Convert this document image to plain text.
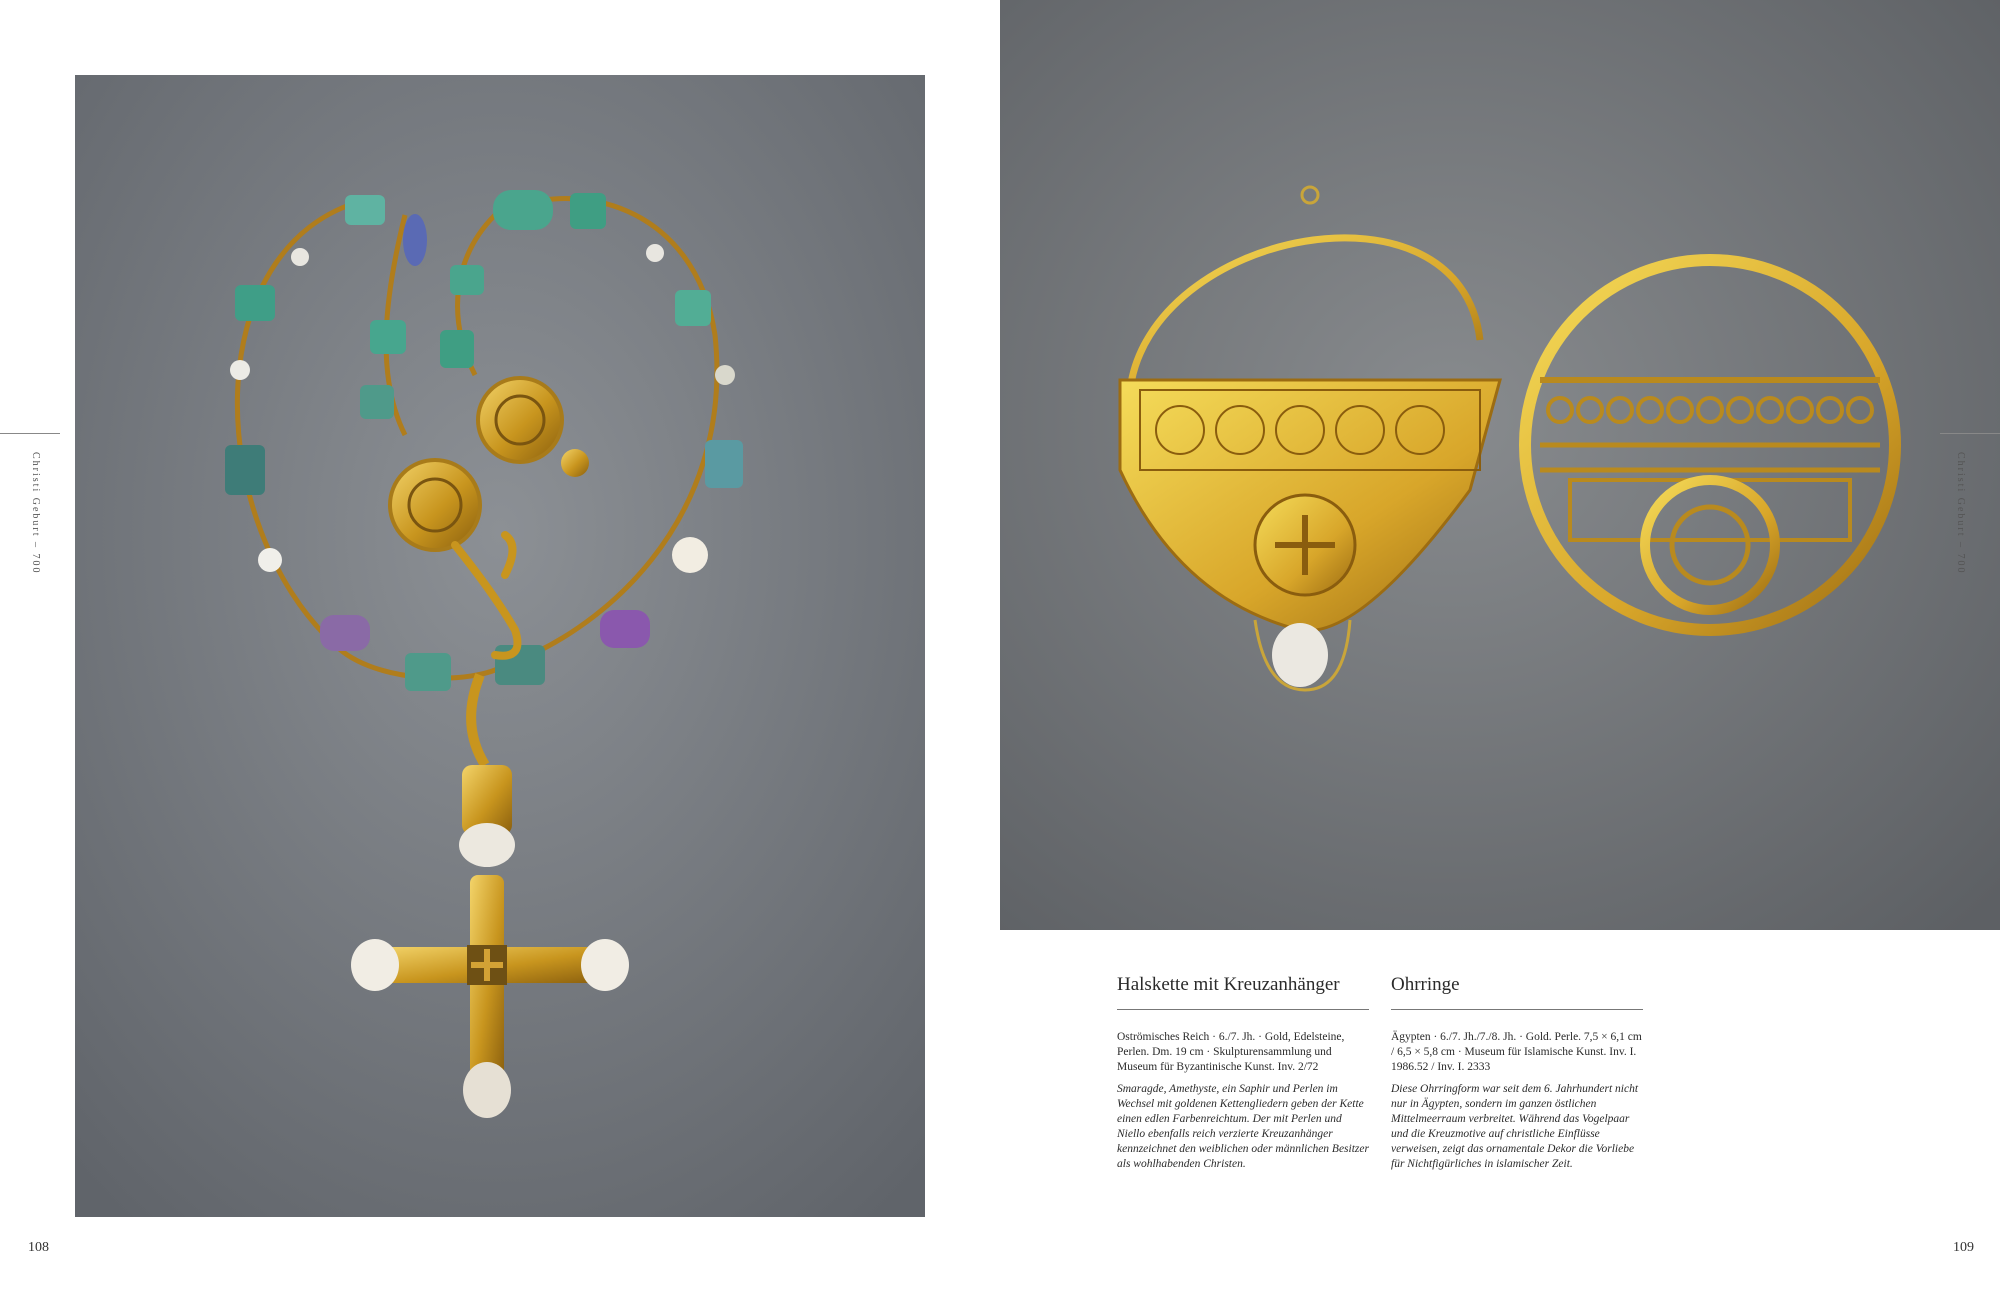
Christi Geburt – 700	Christi Geburt – 700
Halskette mit Kreuzanhänger

Oströmisches Reich · 6./7. Jh. · Gold, Edelsteine, Perlen. Dm. 19 cm · Skulpturensammlung und Museum für Byzantinische Kunst. Inv. 2/72

Smaragde, Amethyste, ein Saphir und Perlen im Wechsel mit goldenen Kettengliedern geben der Kette einen edlen Farbenreichtum. Der mit Perlen und Niello ebenfalls reich verzierte Kreuzanhänger kennzeichnet den weiblichen oder männlichen Besitzer als wohlhabenden Christen.

Ohrringe

Ägypten · 6./7. Jh./7./8. Jh. · Gold. Perle. 7,5 × 6,1 cm / 6,5 × 5,8 cm · Museum für Islamische Kunst. Inv. I. 1986.52 / Inv. I. 2333

Diese Ohrringform war seit dem 6. Jahrhundert nicht nur in Ägypten, sondern im ganzen östlichen Mittelmeerraum verbreitet. Während das Vogelpaar und die Kreuzmotive auf christliche Einflüsse verweisen, zeigt das ornamentale Dekor die Vorliebe für Nichtfigürliches in islamischer Zeit.

108	109
